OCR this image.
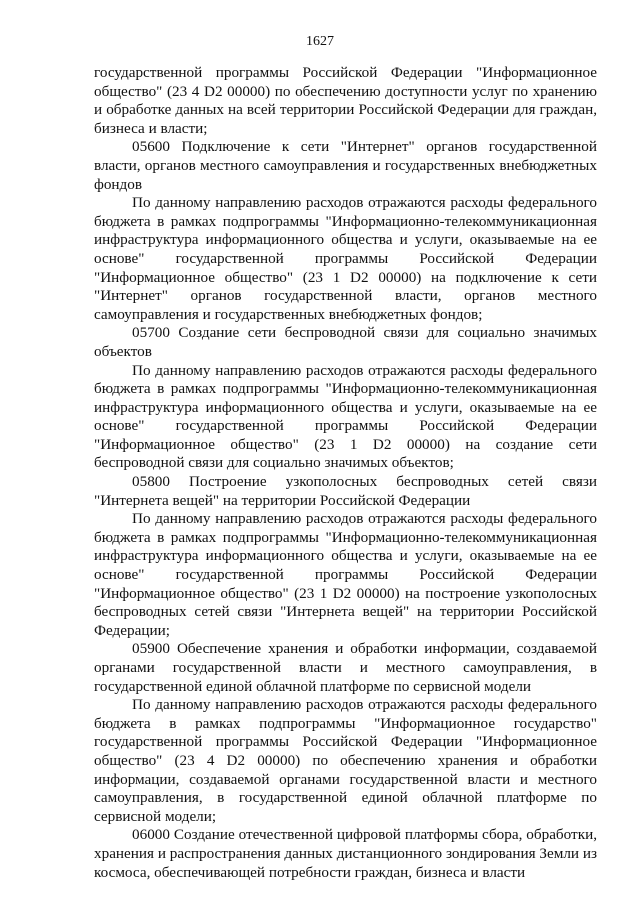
1627

государственной программы Российской Федерации "Информационное общество" (23 4 D2 00000) по обеспечению доступности услуг по хранению и обработке данных на всей территории Российской Федерации для граждан, бизнеса и власти;

05600 Подключение к сети "Интернет" органов государственной власти, органов местного самоуправления и государственных внебюджетных фондов

По данному направлению расходов отражаются расходы федерального бюджета в рамках подпрограммы "Информационно-телекоммуникационная инфраструктура информационного общества и услуги, оказываемые на ее основе" государственной программы Российской Федерации "Информационное общество" (23 1 D2 00000) на подключение к сети "Интернет" органов государственной власти, органов местного самоуправления и государственных внебюджетных фондов;

05700 Создание сети беспроводной связи для социально значимых объектов

По данному направлению расходов отражаются расходы федерального бюджета в рамках подпрограммы "Информационно-телекоммуникационная инфраструктура информационного общества и услуги, оказываемые на ее основе" государственной программы Российской Федерации "Информационное общество" (23 1 D2 00000) на создание сети беспроводной связи для социально значимых объектов;

05800 Построение узкополосных беспроводных сетей связи "Интернета вещей" на территории Российской Федерации

По данному направлению расходов отражаются расходы федерального бюджета в рамках подпрограммы "Информационно-телекоммуникационная инфраструктура информационного общества и услуги, оказываемые на ее основе" государственной программы Российской Федерации "Информационное общество" (23 1 D2 00000) на построение узкополосных беспроводных сетей связи "Интернета вещей" на территории Российской Федерации;

05900 Обеспечение хранения и обработки информации, создаваемой органами государственной власти и местного самоуправления, в государственной единой облачной платформе по сервисной модели

По данному направлению расходов отражаются расходы федерального бюджета в рамках подпрограммы "Информационное государство" государственной программы Российской Федерации "Информационное общество" (23 4 D2 00000) по обеспечению хранения и обработки информации, создаваемой органами государственной власти и местного самоуправления, в государственной единой облачной платформе по сервисной модели;

06000 Создание отечественной цифровой платформы сбора, обработки, хранения и распространения данных дистанционного зондирования Земли из космоса, обеспечивающей потребности граждан, бизнеса и власти
